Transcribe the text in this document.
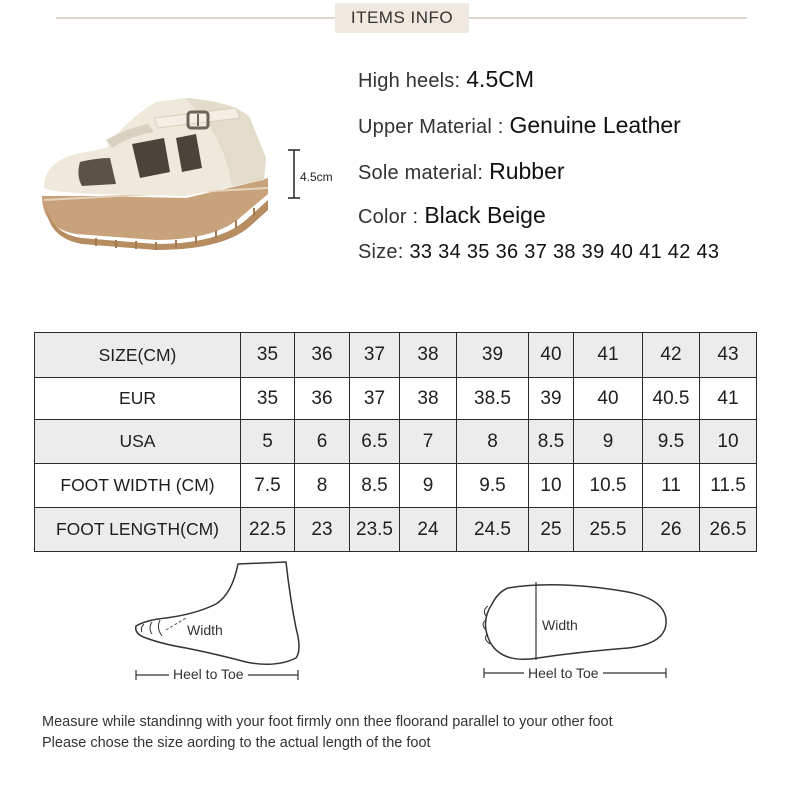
ITEMS INFO
4.5cm
High heels: 4.5CM
Upper Material : Genuine Leather
Sole material: Rubber
Color : Black Beige
Size: 33 34 35 36 37 38 39 40 41 42 43
SIZE(CM)	35	36	37	38	39	40	41	42	43
EUR	35	36	37	38	38.5	39	40	40.5	41
USA	5	6	6.5	7	8	8.5	9	9.5	10
FOOT WIDTH (CM)	7.5	8	8.5	9	9.5	10	10.5	11	11.5
FOOT LENGTH(CM)	22.5	23	23.5	24	24.5	25	25.5	26	26.5
Width
Heel to Toe
Width
Heel to Toe
Measure while standinng with your foot firmly onn thee floorand parallel to your other foot
Please chose the size aording to the actual length of the foot
